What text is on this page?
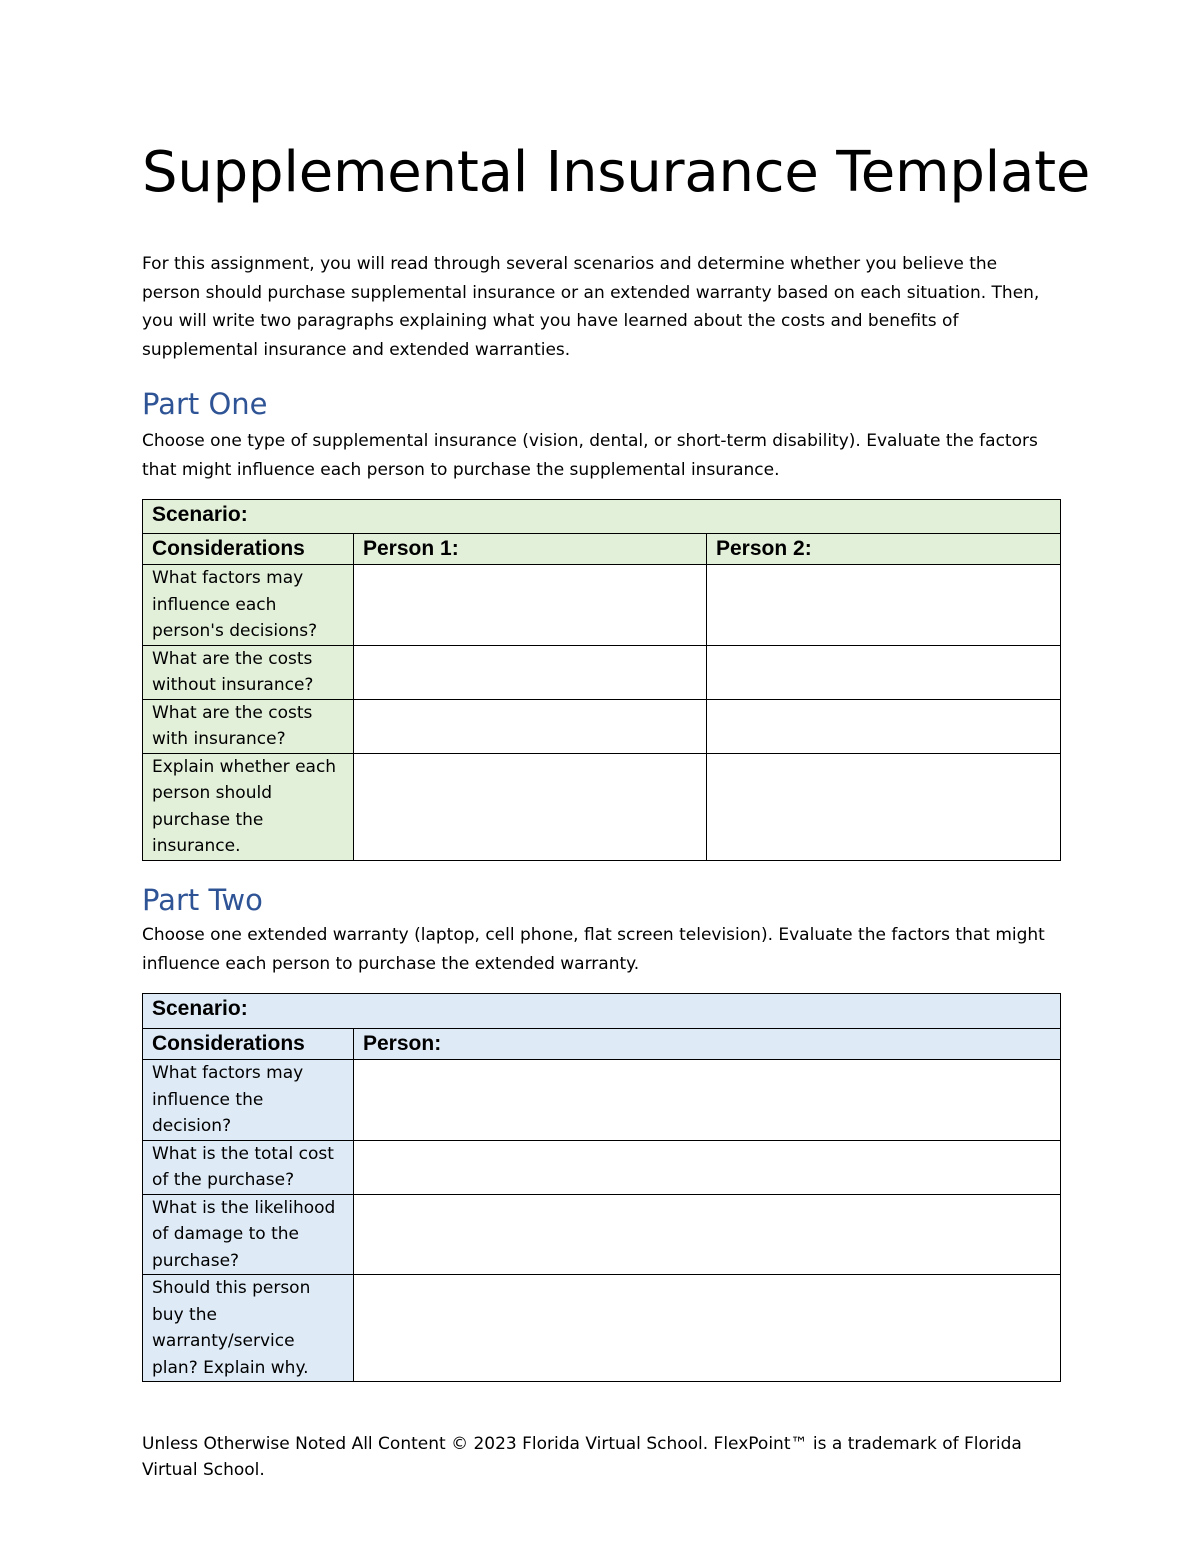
Supplemental Insurance Template

For this assignment, you will read through several scenarios and determine whether you believe the person should purchase supplemental insurance or an extended warranty based on each situation. Then, you will write two paragraphs explaining what you have learned about the costs and benefits of supplemental insurance and extended warranties.

Part One

Choose one type of supplemental insurance (vision, dental, or short-term disability). Evaluate the factors that might influence each person to purchase the supplemental insurance.

Scenario:		
Considerations	Person 1:	Person 2:
What factors may influence each person's decisions?		
What are the costs without insurance?		
What are the costs with insurance?		
Explain whether each person should purchase the insurance.		
Part Two

Choose one extended warranty (laptop, cell phone, flat screen television). Evaluate the factors that might influence each person to purchase the extended warranty.

Scenario:	
Considerations	Person:
What factors may influence the decision?	
What is the total cost of the purchase?	
What is the likelihood of damage to the purchase?	
Should this person buy the warranty/service plan? Explain why.	

Unless Otherwise Noted All Content © 2023 Florida Virtual School. FlexPoint™ is a trademark of Florida Virtual School.
